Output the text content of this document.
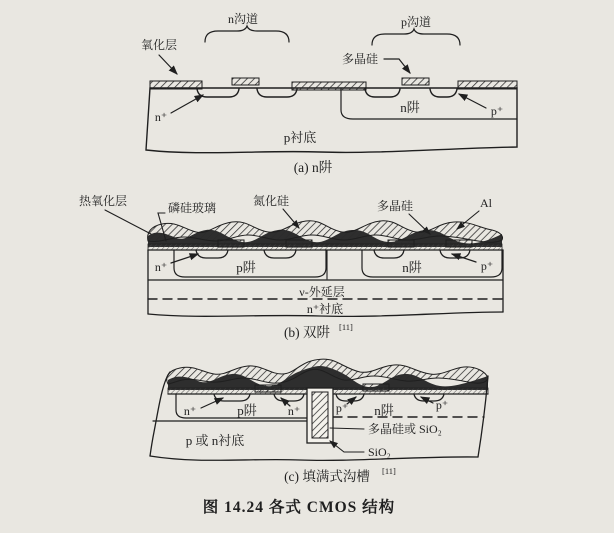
氧化层
n沟道	p沟道
多晶硅
n⁺	p⁺
n阱
p衬底
(a) n阱
热氧化层	磷硅玻璃	氮化硅	多晶硅	Al
n⁺	p阱	n阱	p⁺
ν-外延层
n⁺衬底
(b) 双阱 [11]
n⁺	p阱	n⁺	p⁺ n阱	p⁺
p 或 n衬底
多晶硅或 SiO₂
SiO₂
(c) 填满式沟槽 [11]
图 14.24 各式 CMOS 结构
